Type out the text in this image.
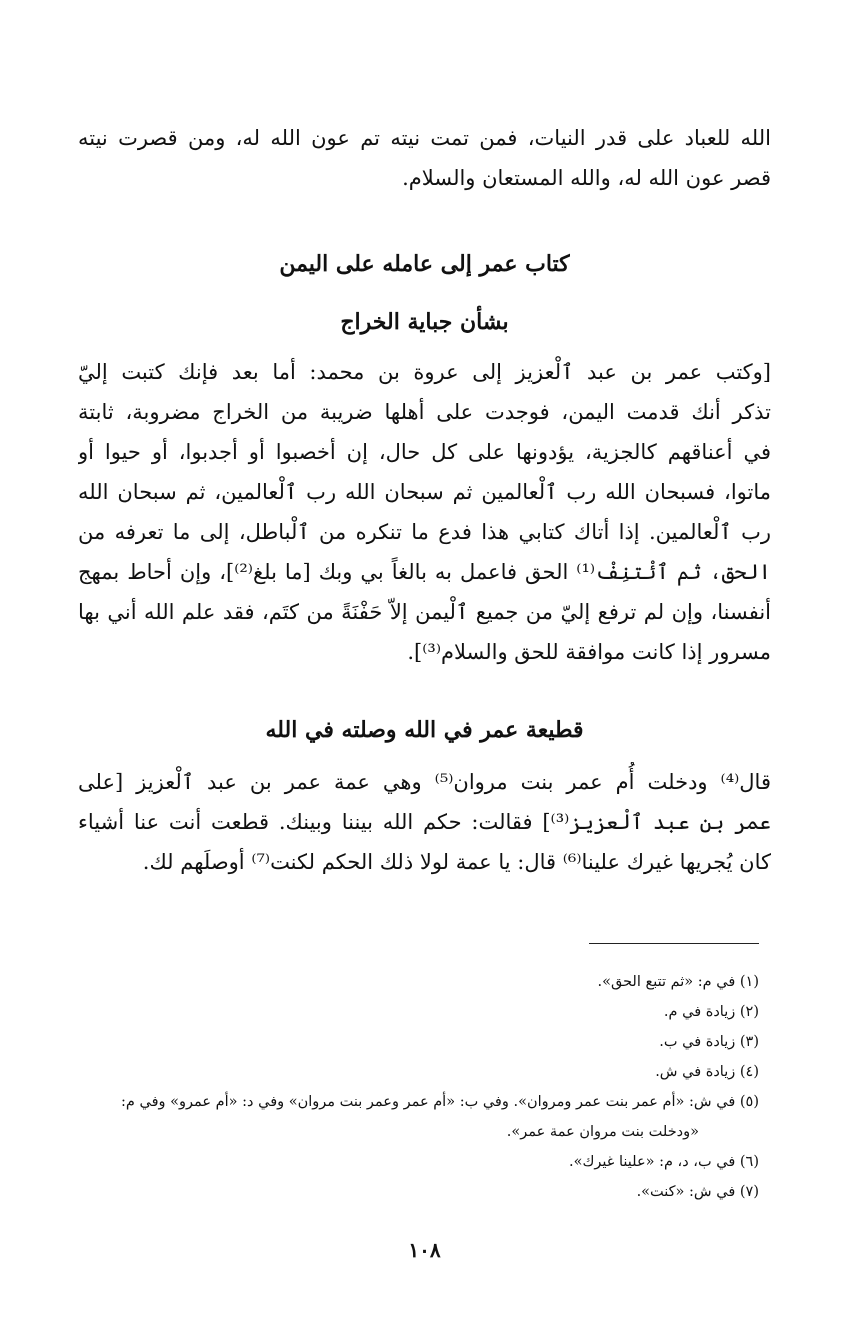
الله للعباد على قدر النيات، فمن تمت نيته تم عون الله له، ومن قصرت نيته
قصر عون الله له، والله المستعان والسلام.
كتاب عمر إلى عامله على اليمن
بشأن جباية الخراج
[وكتب عمر بن عبد ٱلْعزيز إلى عروة بن محمد: أما بعد فإنك كتبت إليّ
تذكر أنك قدمت اليمن، فوجدت على أهلها ضريبة من الخراج مضروبة، ثابتة
في أعناقهم كالجزية، يؤدونها على كل حال، إن أخصبوا أو أجدبوا، أو حيوا أو
ماتوا، فسبحان الله رب ٱلْعالمين ثم سبحان الله رب ٱلْعالمين، ثم سبحان الله
رب ٱلْعالمين. إذا أتاك كتابي هذا فدع ما تنكره من ٱلْباطل، إلى ما تعرفه من
الحق، ثم ٱئْتنِفْ⁽¹⁾ الحق فاعمل به بالغاً بي وبك [ما بلغ⁽²⁾]، وإن أحاط بمهج
أنفسنا، وإن لم ترفع إليّ من جميع ٱلْيمن إلاّ حَفْنَةً من كتَم، فقد علم الله أني بها
مسرور إذا كانت موافقة للحق والسلام⁽³⁾].
قطيعة عمر في الله وصلته في الله
قال⁽⁴⁾ ودخلت أُم عمر بنت مروان⁽⁵⁾ وهي عمة عمر بن عبد ٱلْعزيز [على
عمر بن عبد ٱلْعزيز⁽³⁾] فقالت: حكم الله بيننا وبينك. قطعت أنت عنا أشياء
كان يُجريها غيرك علينا⁽⁶⁾ قال: يا عمة لولا ذلك الحكم لكنت⁽⁷⁾ أوصلَهم لك.
(١) في م: «ثم تتبع الحق».
(٢) زيادة في م.
(٣) زيادة في ب.
(٤) زيادة في ش.
(٥) في ش: «أم عمر بنت عمر ومروان». وفي ب: «أم عمر وعمر بنت مروان» وفي د: «أم عمرو» وفي م:
«ودخلت بنت مروان عمة عمر».
(٦) في ب، د، م: «علينا غيرك».
(٧) في ش: «كنت».
١٠٨
